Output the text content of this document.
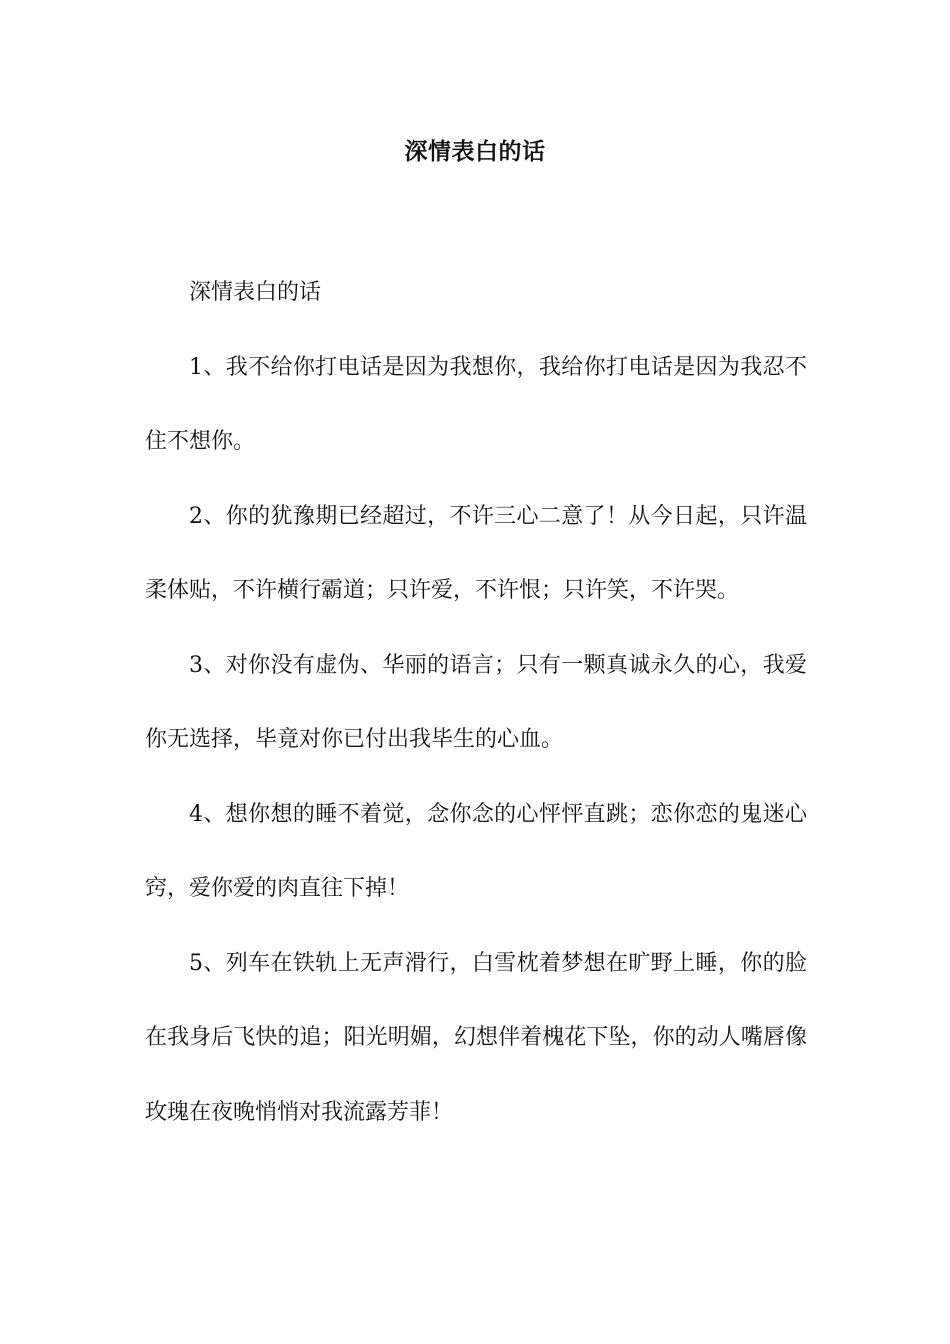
深情表白的话

深情表白的话

1、我不给你打电话是因为我想你，我给你打电话是因为我忍不住不想你。

2、你的犹豫期已经超过，不许三心二意了！从今日起，只许温柔体贴，不许横行霸道；只许爱，不许恨；只许笑，不许哭。

3、对你没有虚伪、华丽的语言；只有一颗真诚永久的心，我爱你无选择，毕竟对你已付出我毕生的心血。

4、想你想的睡不着觉，念你念的心怦怦直跳；恋你恋的鬼迷心窍，爱你爱的肉直往下掉！

5、列车在铁轨上无声滑行，白雪枕着梦想在旷野上睡，你的脸在我身后飞快的追；阳光明媚，幻想伴着槐花下坠，你的动人嘴唇像玫瑰在夜晚悄悄对我流露芳菲！
